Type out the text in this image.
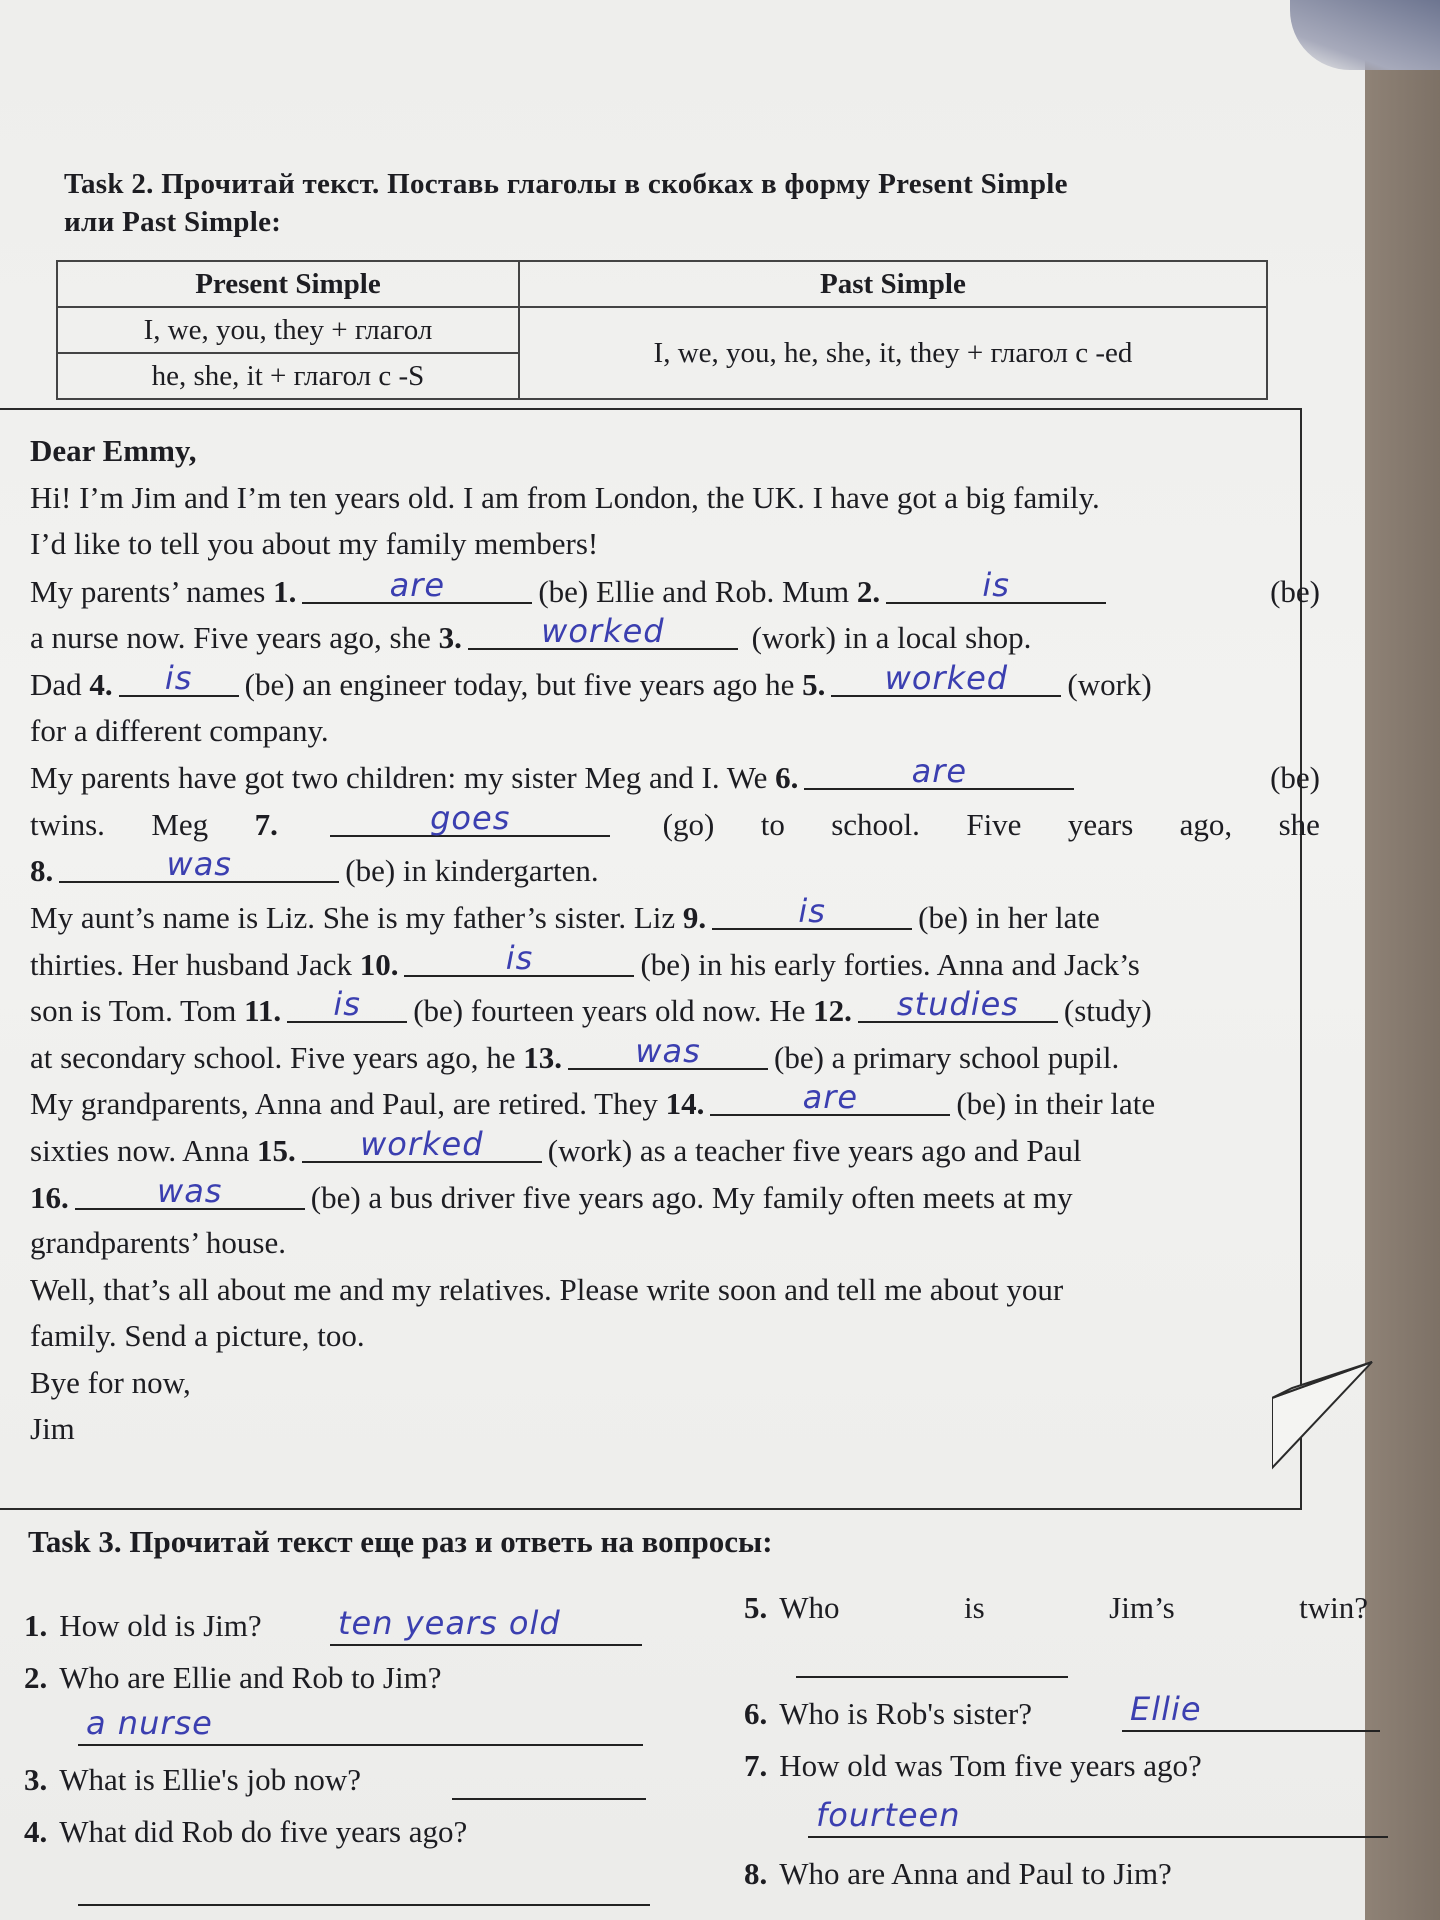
Task 2. Прочитай текст. Поставь глаголы в скобках в форму Present Simple
или Past Simple:
Present Simple	Past Simple
I, we, you, they + глагол	I, we, you, he, she, it, they + глагол с -ed
he, she, it + глагол с -S	
Dear Emmy,
Hi! I’m Jim and I’m ten years old. I am from London, the UK. I have got a big family.
I’d like to tell you about my family members!
My parents’ names 1.	are	(be) Ellie and Rob. Mum 2.	is	(be)
a nurse now. Five years ago, she
3.	worked
	(work) in a local shop.
Dad
4.	is	(be) an engineer today, but five years ago he
5.	worked	(work)
for a different company.
My parents have got two children: my sister Meg and I. We 6.	are	(be)
twins. Meg 7.	goes	(go) to school. Five years ago, she
8.	was	(be) in kindergarten.
My aunt’s name is Liz. She is my father’s sister. Liz
9.	is	(be) in her late
thirties. Her husband Jack
10.	is	(be) in his early forties. Anna and Jack’s
son is Tom. Tom
11.	is	(be) fourteen years old now. He
12.	studies	(study)
at secondary school. Five years ago, he
13.	was	(be) a primary school pupil.
My grandparents, Anna and Paul, are retired. They
14.	are	(be) in their late
sixties now. Anna
15.	worked	(work) as a teacher five years ago and Paul
16.	was	(be) a bus driver five years ago. My family often meets at my
grandparents’ house.
Well, that’s all about me and my relatives. Please write soon and tell me about your
family. Send a picture, too.
Bye for now,
Jim
Task 3. Прочитай текст еще раз и ответь на вопросы:
1. How old is Jim? ten years old
2. Who are Ellie and Rob to Jim?
a nurse
3. What is Ellie's job now?
4. What did Rob do five years ago?
5. Who	is	Jim’s	twin?
6. Who is Rob's sister?	Ellie
7. How old was Tom five years ago?
fourteen
8. Who are Anna and Paul to Jim?
